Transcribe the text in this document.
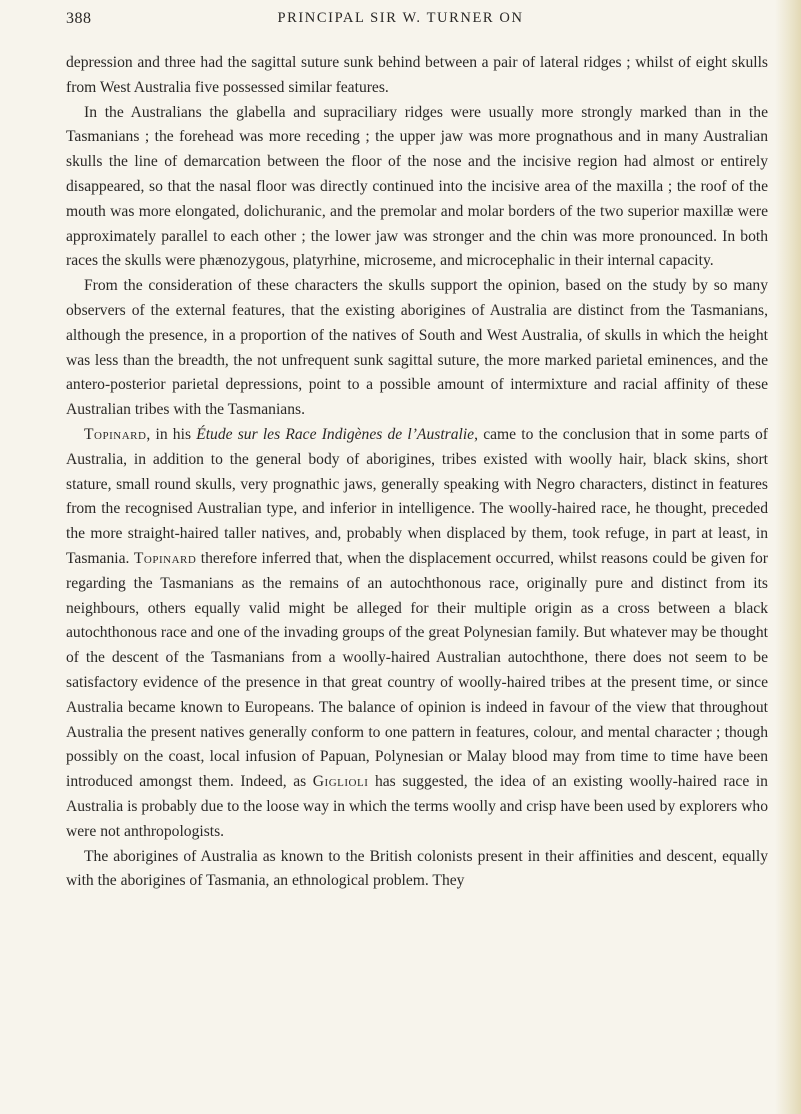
388	PRINCIPAL SIR W. TURNER ON

depression and three had the sagittal suture sunk behind between a pair of lateral ridges ; whilst of eight skulls from West Australia five possessed similar features.

In the Australians the glabella and supraciliary ridges were usually more strongly marked than in the Tasmanians ; the forehead was more receding ; the upper jaw was more prognathous and in many Australian skulls the line of demarcation between the floor of the nose and the incisive region had almost or entirely disappeared, so that the nasal floor was directly continued into the incisive area of the maxilla ; the roof of the mouth was more elongated, dolichuranic, and the premolar and molar borders of the two superior maxillæ were approximately parallel to each other ; the lower jaw was stronger and the chin was more pronounced. In both races the skulls were phænozygous, platyrhine, microseme, and microcephalic in their internal capacity.

From the consideration of these characters the skulls support the opinion, based on the study by so many observers of the external features, that the existing aborigines of Australia are distinct from the Tasmanians, although the presence, in a proportion of the natives of South and West Australia, of skulls in which the height was less than the breadth, the not unfrequent sunk sagittal suture, the more marked parietal eminences, and the antero-posterior parietal depressions, point to a possible amount of intermixture and racial affinity of these Australian tribes with the Tasmanians.

Topinard, in his Étude sur les Race Indigènes de l’Australie, came to the conclusion that in some parts of Australia, in addition to the general body of aborigines, tribes existed with woolly hair, black skins, short stature, small round skulls, very prognathic jaws, generally speaking with Negro characters, distinct in features from the recognised Australian type, and inferior in intelligence. The woolly-haired race, he thought, preceded the more straight-haired taller natives, and, probably when displaced by them, took refuge, in part at least, in Tasmania. Topinard therefore inferred that, when the displacement occurred, whilst reasons could be given for regarding the Tasmanians as the remains of an autochthonous race, originally pure and distinct from its neighbours, others equally valid might be alleged for their multiple origin as a cross between a black autochthonous race and one of the invading groups of the great Polynesian family. But whatever may be thought of the descent of the Tasmanians from a woolly-haired Australian autochthone, there does not seem to be satisfactory evidence of the presence in that great country of woolly-haired tribes at the present time, or since Australia became known to Europeans. The balance of opinion is indeed in favour of the view that throughout Australia the present natives generally conform to one pattern in features, colour, and mental character ; though possibly on the coast, local infusion of Papuan, Polynesian or Malay blood may from time to time have been introduced amongst them. Indeed, as Giglioli has suggested, the idea of an existing woolly-haired race in Australia is probably due to the loose way in which the terms woolly and crisp have been used by explorers who were not anthropologists.

The aborigines of Australia as known to the British colonists present in their affinities and descent, equally with the aborigines of Tasmania, an ethnological problem. They
